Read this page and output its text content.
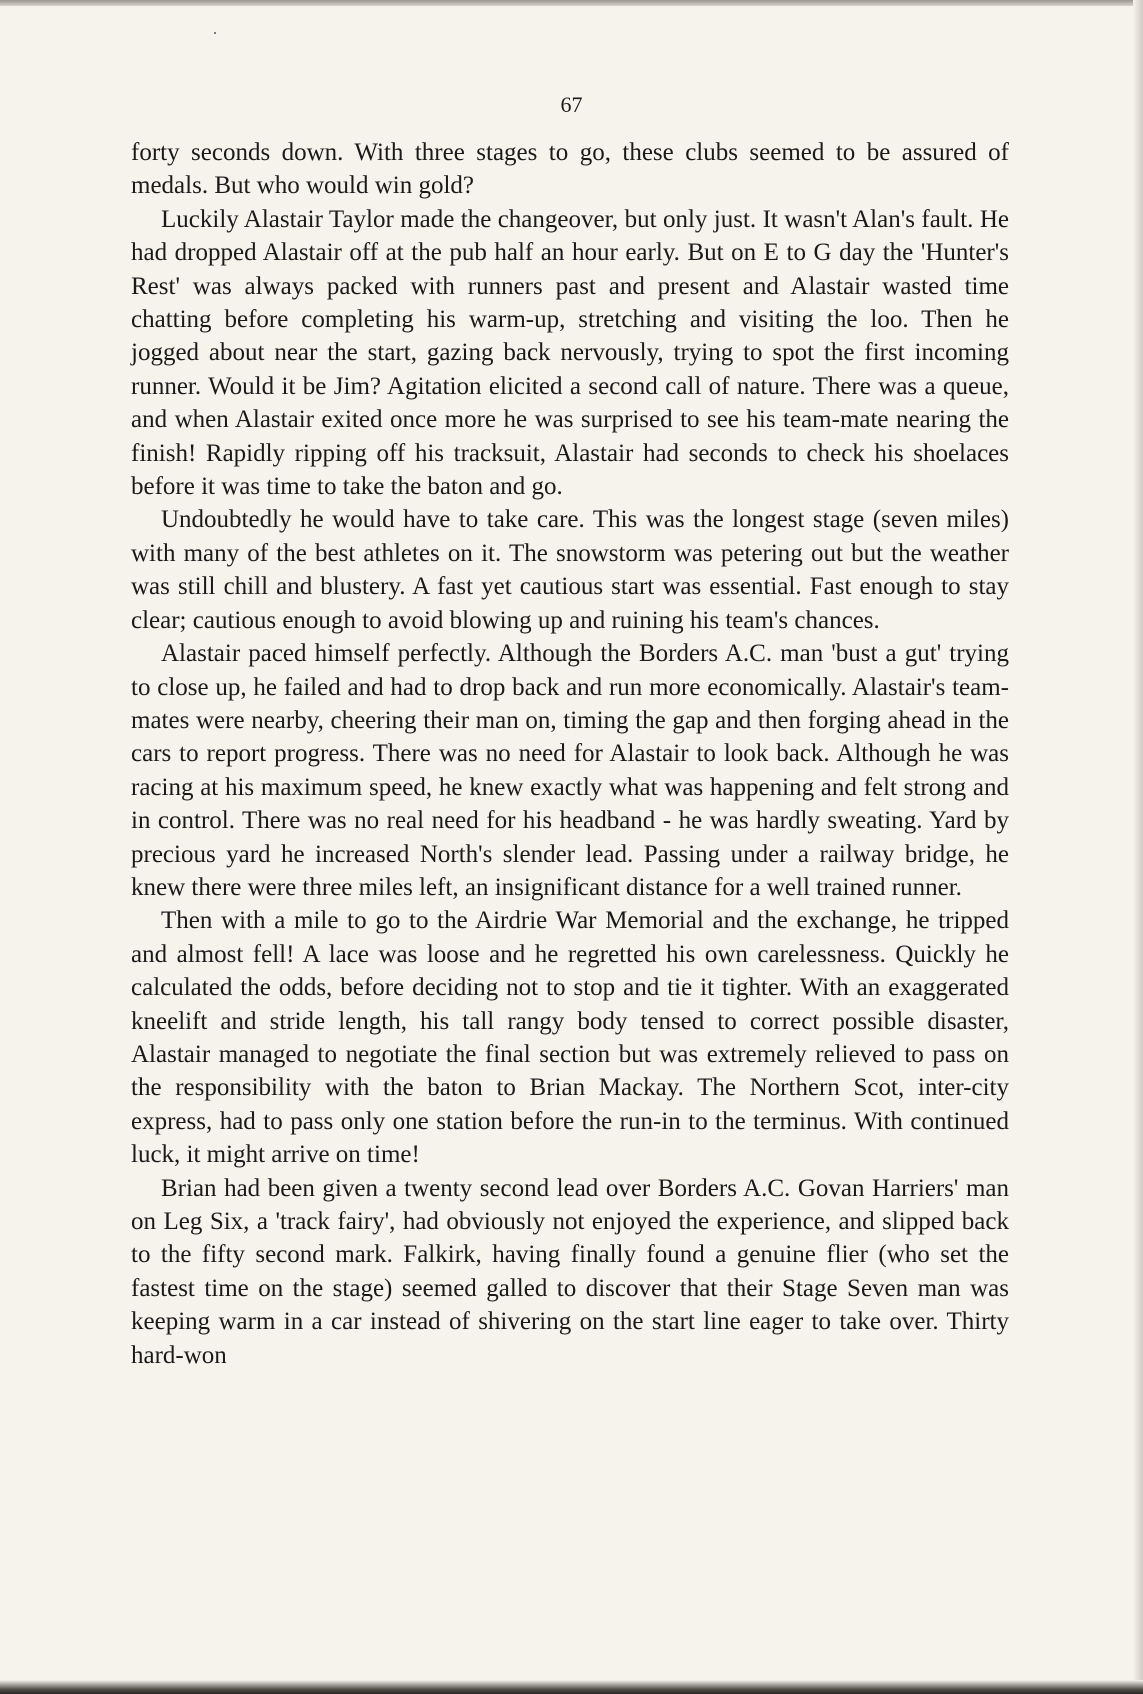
67

forty seconds down. With three stages to go, these clubs seemed to be assured of medals. But who would win gold?

Luckily Alastair Taylor made the changeover, but only just. It wasn't Alan's fault. He had dropped Alastair off at the pub half an hour early. But on E to G day the 'Hunter's Rest' was always packed with runners past and present and Alastair wasted time chatting before completing his warm-up, stretching and visiting the loo. Then he jogged about near the start, gazing back nervously, trying to spot the first incoming runner. Would it be Jim? Agitation elicited a second call of nature. There was a queue, and when Alastair exited once more he was surprised to see his team-mate nearing the finish! Rapidly ripping off his tracksuit, Alastair had seconds to check his shoelaces before it was time to take the baton and go.

Undoubtedly he would have to take care. This was the longest stage (seven miles) with many of the best athletes on it. The snowstorm was petering out but the weather was still chill and blustery. A fast yet cautious start was essential. Fast enough to stay clear; cautious enough to avoid blowing up and ruining his team's chances.

Alastair paced himself perfectly. Although the Borders A.C. man 'bust a gut' trying to close up, he failed and had to drop back and run more economically. Alastair's team-mates were nearby, cheering their man on, timing the gap and then forging ahead in the cars to report progress. There was no need for Alastair to look back. Although he was racing at his maximum speed, he knew exactly what was happening and felt strong and in control. There was no real need for his headband - he was hardly sweating. Yard by precious yard he increased North's slender lead. Passing under a railway bridge, he knew there were three miles left, an insignificant distance for a well trained runner.

Then with a mile to go to the Airdrie War Memorial and the exchange, he tripped and almost fell! A lace was loose and he regretted his own carelessness. Quickly he calculated the odds, before deciding not to stop and tie it tighter. With an exaggerated kneelift and stride length, his tall rangy body tensed to correct possible disaster, Alastair managed to negotiate the final section but was extremely relieved to pass on the responsibility with the baton to Brian Mackay. The Northern Scot, inter-city express, had to pass only one station before the run-in to the terminus. With continued luck, it might arrive on time!

Brian had been given a twenty second lead over Borders A.C. Govan Harriers' man on Leg Six, a 'track fairy', had obviously not enjoyed the experience, and slipped back to the fifty second mark. Falkirk, having finally found a genuine flier (who set the fastest time on the stage) seemed galled to discover that their Stage Seven man was keeping warm in a car instead of shivering on the start line eager to take over. Thirty hard-won
